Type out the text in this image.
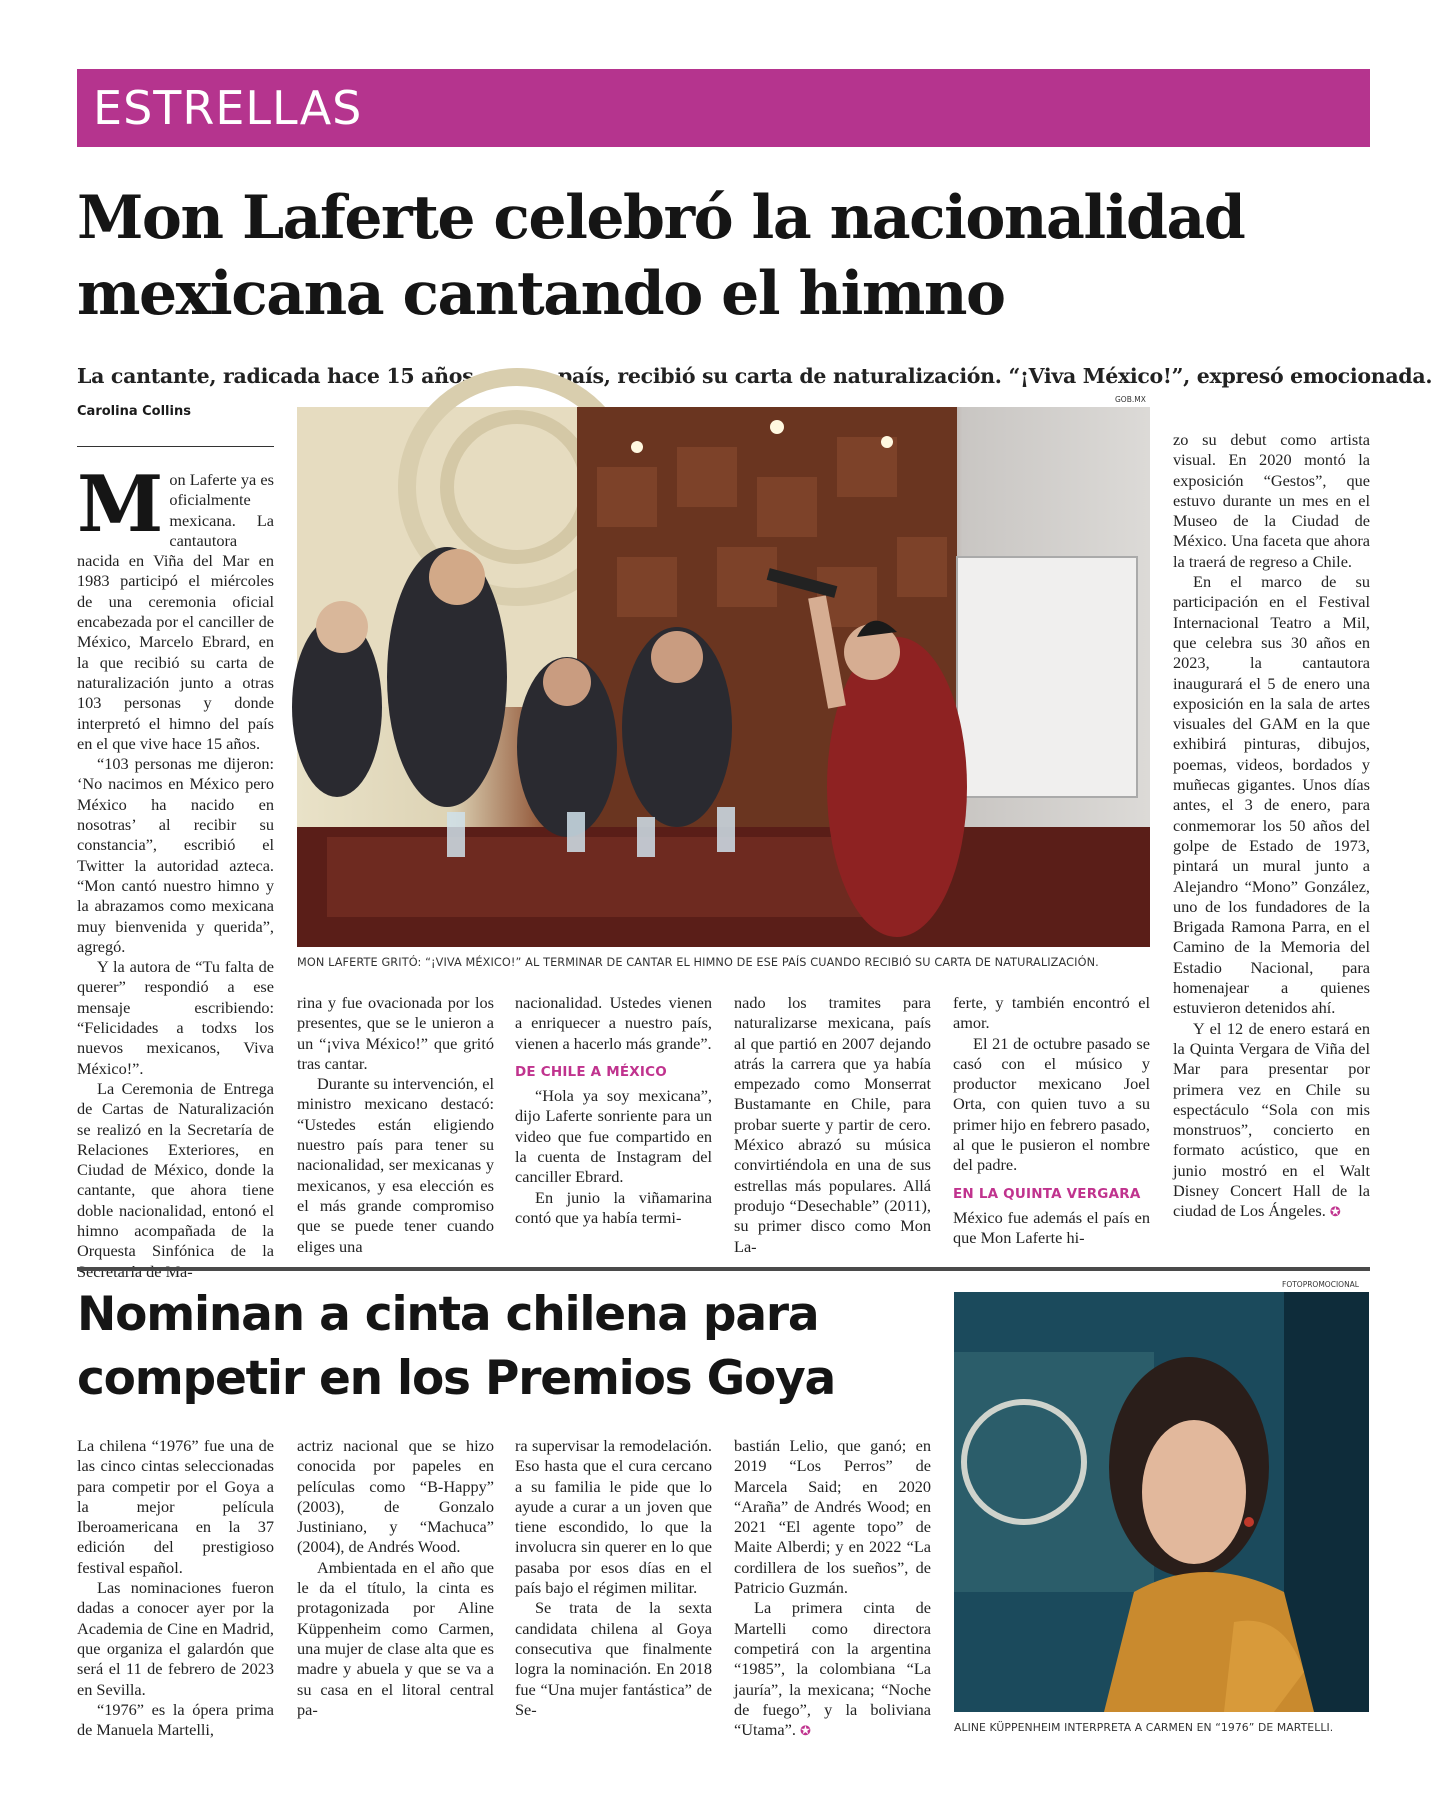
ESTRELLAS
Mon Laferte celebró la nacionalidad mexicana cantando el himno
La cantante, radicada hace 15 años en ese país, recibió su carta de naturalización. “¡Viva México!”, expresó emocionada.
Carolina Collins

Mon Laferte ya es oficialmente mexicana. La cantautora nacida en Viña del Mar en 1983 participó el miércoles de una ceremonia oficial encabezada por el canciller de México, Marcelo Ebrard, en la que recibió su carta de naturalización junto a otras 103 personas y donde interpretó el himno del país en el que vive hace 15 años.

“103 personas me dijeron: ‘No nacimos en México pero México ha nacido en nosotras’ al recibir su constancia”, escribió el Twitter la autoridad azteca. “Mon cantó nuestro himno y la abrazamos como mexicana muy bienvenida y querida”, agregó.

Y la autora de “Tu falta de querer” respondió a ese mensaje escribiendo: “Felicidades a todxs los nuevos mexicanos, Viva México!”.

La Ceremonia de Entrega de Cartas de Naturalización se realizó en la Secretaría de Relaciones Exteriores, en Ciudad de México, donde la cantante, que ahora tiene doble nacionalidad, entonó el himno acompañada de la Orquesta Sinfónica de la Secretaría de Ma-

GOB.MX
MON LAFERTE GRITÓ: “¡VIVA MÉXICO!” AL TERMINAR DE CANTAR EL HIMNO DE ESE PAÍS CUANDO RECIBIÓ SU CARTA DE NATURALIZACIÓN.

rina y fue ovacionada por los presentes, que se le unieron a un “¡viva México!” que gritó tras cantar.

Durante su intervención, el ministro mexicano destacó: “Ustedes están eligiendo nuestro país para tener su nacionalidad, ser mexicanas y mexicanos, y esa elección es el más grande compromiso que se puede tener cuando eliges una

nacionalidad. Ustedes vienen a enriquecer a nuestro país, vienen a hacerlo más grande”.

DE CHILE A MÉXICO

“Hola ya soy mexicana”, dijo Laferte sonriente para un video que fue compartido en la cuenta de Instagram del canciller Ebrard.

En junio la viñamarina contó que ya había termi-

nado los tramites para naturalizarse mexicana, país al que partió en 2007 dejando atrás la carrera que ya había empezado como Monserrat Bustamante en Chile, para probar suerte y partir de cero. México abrazó su música convirtiéndola en una de sus estrellas más populares. Allá produjo “Desechable” (2011), su primer disco como Mon La-

ferte, y también encontró el amor.

El 21 de octubre pasado se casó con el músico y productor mexicano Joel Orta, con quien tuvo a su primer hijo en febrero pasado, al que le pusieron el nombre del padre.

EN LA QUINTA VERGARA

México fue además el país en que Mon Laferte hi-

zo su debut como artista visual. En 2020 montó la exposición “Gestos”, que estuvo durante un mes en el Museo de la Ciudad de México. Una faceta que ahora la traerá de regreso a Chile.

En el marco de su participación en el Festival Internacional Teatro a Mil, que celebra sus 30 años en 2023, la cantautora inaugurará el 5 de enero una exposición en la sala de artes visuales del GAM en la que exhibirá pinturas, dibujos, poemas, videos, bordados y muñecas gigantes. Unos días antes, el 3 de enero, para conmemorar los 50 años del golpe de Estado de 1973, pintará un mural junto a Alejandro “Mono” González, uno de los fundadores de la Brigada Ramona Parra, en el Camino de la Memoria del Estadio Nacional, para homenajear a quienes estuvieron detenidos ahí.

Y el 12 de enero estará en la Quinta Vergara de Viña del Mar para presentar por primera vez en Chile su espectáculo “Sola con mis monstruos”, concierto en formato acústico, que en junio mostró en el Walt Disney Concert Hall de la ciudad de Los Ángeles. ✪

Nominan a cinta chilena para competir en los Premios Goya

La chilena “1976” fue una de las cinco cintas seleccionadas para competir por el Goya a la mejor película Iberoamericana en la 37 edición del prestigioso festival español.

Las nominaciones fueron dadas a conocer ayer por la Academia de Cine en Madrid, que organiza el galardón que será el 11 de febrero de 2023 en Sevilla.

“1976” es la ópera prima de Manuela Martelli,

actriz nacional que se hizo conocida por papeles en películas como “B-Happy” (2003), de Gonzalo Justiniano, y “Machuca” (2004), de Andrés Wood.

Ambientada en el año que le da el título, la cinta es protagonizada por Aline Küppenheim como Carmen, una mujer de clase alta que es madre y abuela y que se va a su casa en el litoral central pa-

ra supervisar la remodelación. Eso hasta que el cura cercano a su familia le pide que lo ayude a curar a un joven que tiene escondido, lo que la involucra sin querer en lo que pasaba por esos días en el país bajo el régimen militar.

Se trata de la sexta candidata chilena al Goya consecutiva que finalmente logra la nominación. En 2018 fue “Una mujer fantástica” de Se-

bastián Lelio, que ganó; en 2019 “Los Perros” de Marcela Said; en 2020 “Araña” de Andrés Wood; en 2021 “El agente topo” de Maite Alberdi; y en 2022 “La cordillera de los sueños”, de Patricio Guzmán.

La primera cinta de Martelli como directora competirá con la argentina “1985”, la colombiana “La jauría”, la mexicana; “Noche de fuego”, y la boliviana “Utama”. ✪

FOTOPROMOCIONAL
ALINE KÜPPENHEIM INTERPRETA A CARMEN EN “1976” DE MARTELLI.
